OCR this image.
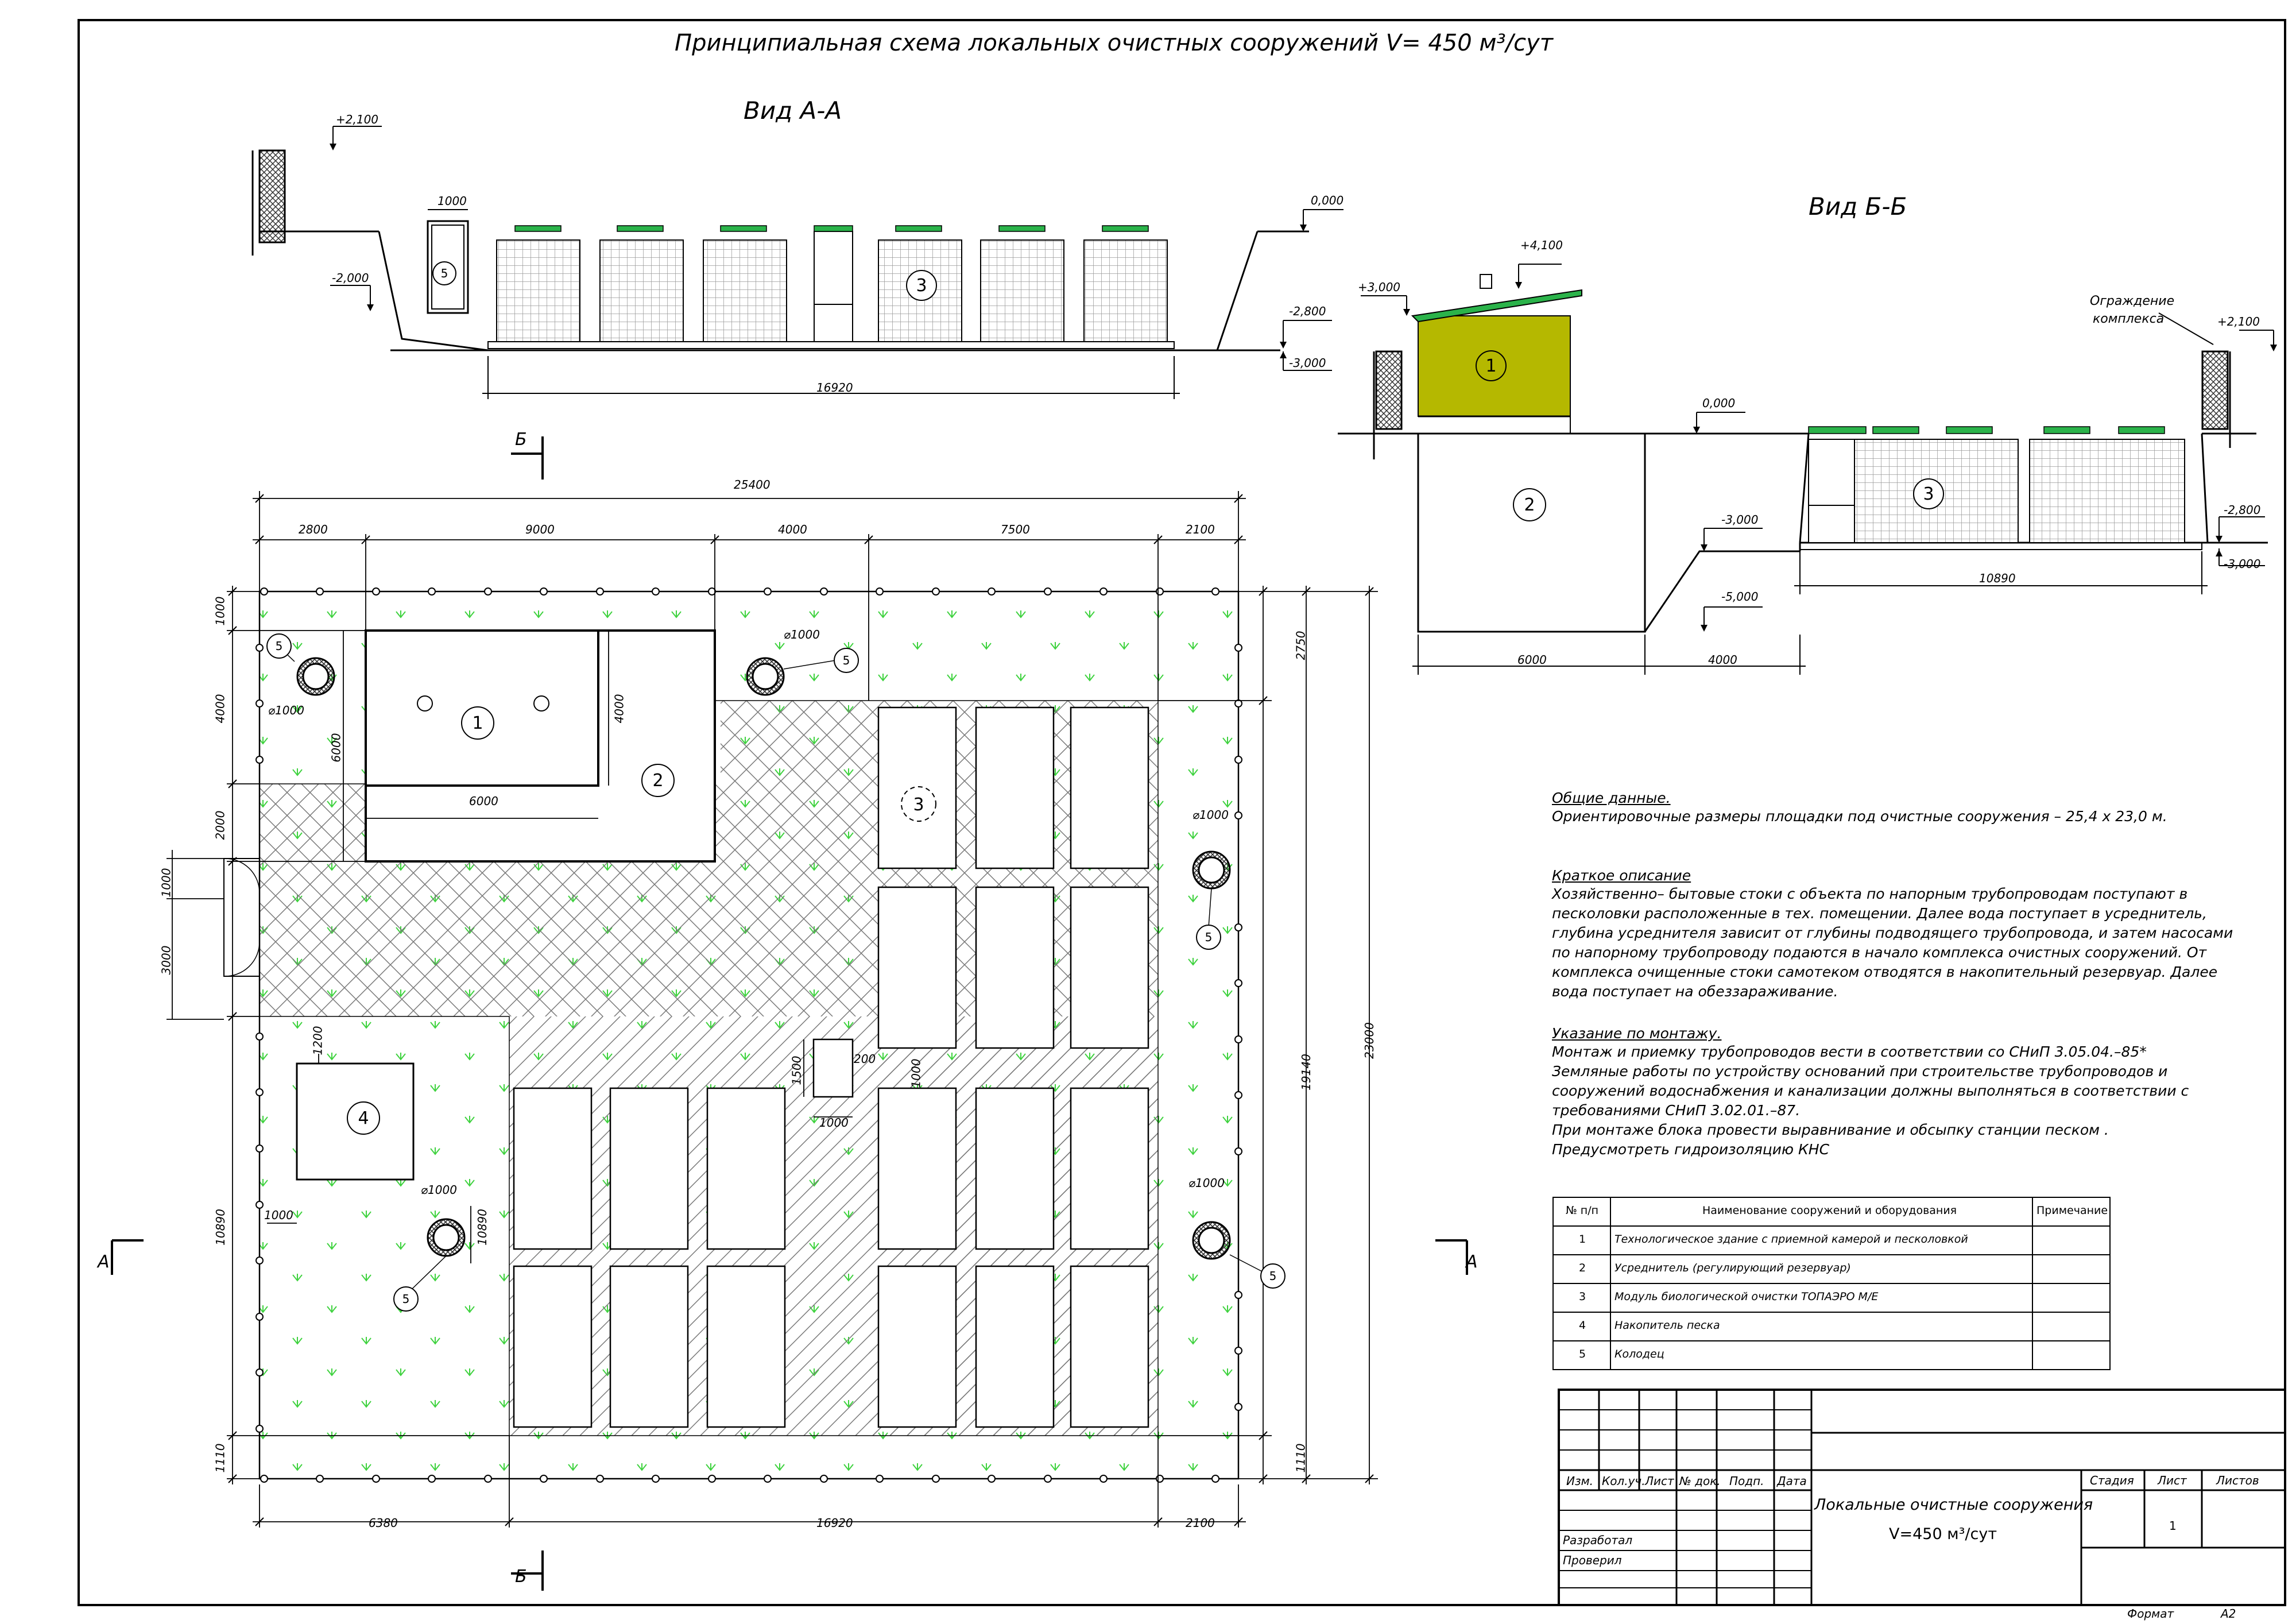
1
2
3
4
5
5
5
5
5
5
3
1
2
3
Принципиальная схема локальных очистных сооружений V= 450 м³/сут
Вид А-А
Вид Б-Б
+2,100
0,000
-2,000
-2,800
-3,000
1000
16920
+4,100
+3,000
0,000
-3,000
-5,000
-2,800
-3,000
+2,100
Ограждение
комплекса
6000	4000
10890
25400
2800	9000	4000	7500	2100
6380	16920	2100
1000
4000
2000
1000
3000
10890
1110
2750
19140
23000
1110
6000
6000
4000
1200
1000	10890
1000
1500	200	1000
⌀1000
⌀1000
⌀1000
⌀1000	⌀1000
Б
Б
А	А
Общие данные.
Ориентировочные размеры площадки под очистные сооружения – 25,4 х 23,0 м.
Краткое описание
Хозяйственно– бытовые стоки с объекта по напорным трубопроводам поступают в
песколовки расположенные в тех. помещении. Далее вода поступает в усреднитель,
глубина усреднителя зависит от глубины подводящего трубопровода, и затем насосами
по напорному трубопроводу подаются в начало комплекса очистных сооружений. От
комплекса очищенные стоки самотеком отводятся в накопительный резервуар. Далее
вода поступает на обеззараживание.
Указание по монтажу.
Монтаж и приемку трубопроводов вести в соответствии со СНиП 3.05.04.–85*
Земляные работы по устройству оснований при строительстве трубопроводов и
сооружений водоснабжения и канализации должны выполняться в соответствии с
требованиями СНиП 3.02.01.–87.
При монтаже блока провести выравнивание и обсыпку станции песком .
Предусмотреть гидроизоляцию КНС
№ п/п	Наименование сооружений и оборудования	Примечание
1	Технологическое здание с приемной камерой и песколовкой
2	Усреднитель (регулирующий резервуар)
3	Модуль биологической очистки ТОПАЭРО М/Е
4	Накопитель песка
5	Колодец
Изм. Кол.уч. Лист № док. Подп. Дата
Разработал
Проверил
Локальные очистные сооружения
V=450 м³/сут
Стадия Лист	Листов
1
Формат	А2
